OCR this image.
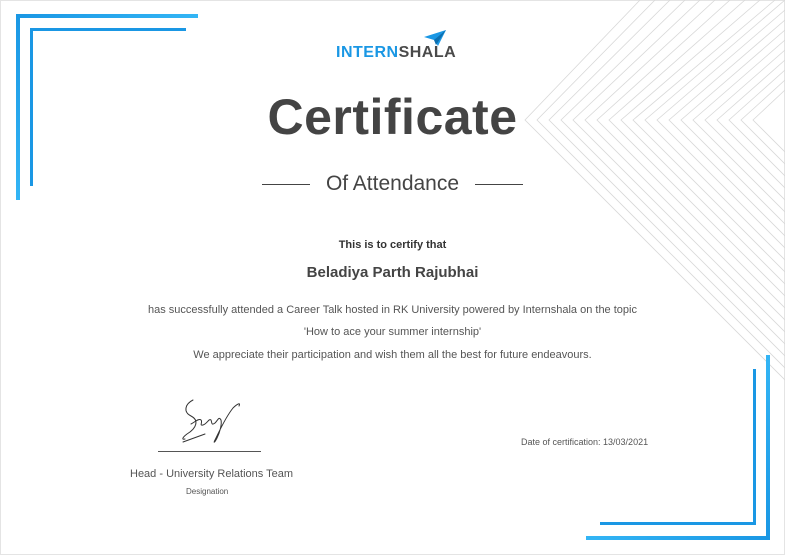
INTERNSHALA
Certificate
Of Attendance
This is to certify that
Beladiya Parth Rajubhai
has successfully attended a Career Talk hosted in RK University powered by Internshala on the topic
'How to ace your summer internship'
We appreciate their participation and wish them all the best for future endeavours.
Head - University Relations Team
Designation
Date of certification: 13/03/2021
